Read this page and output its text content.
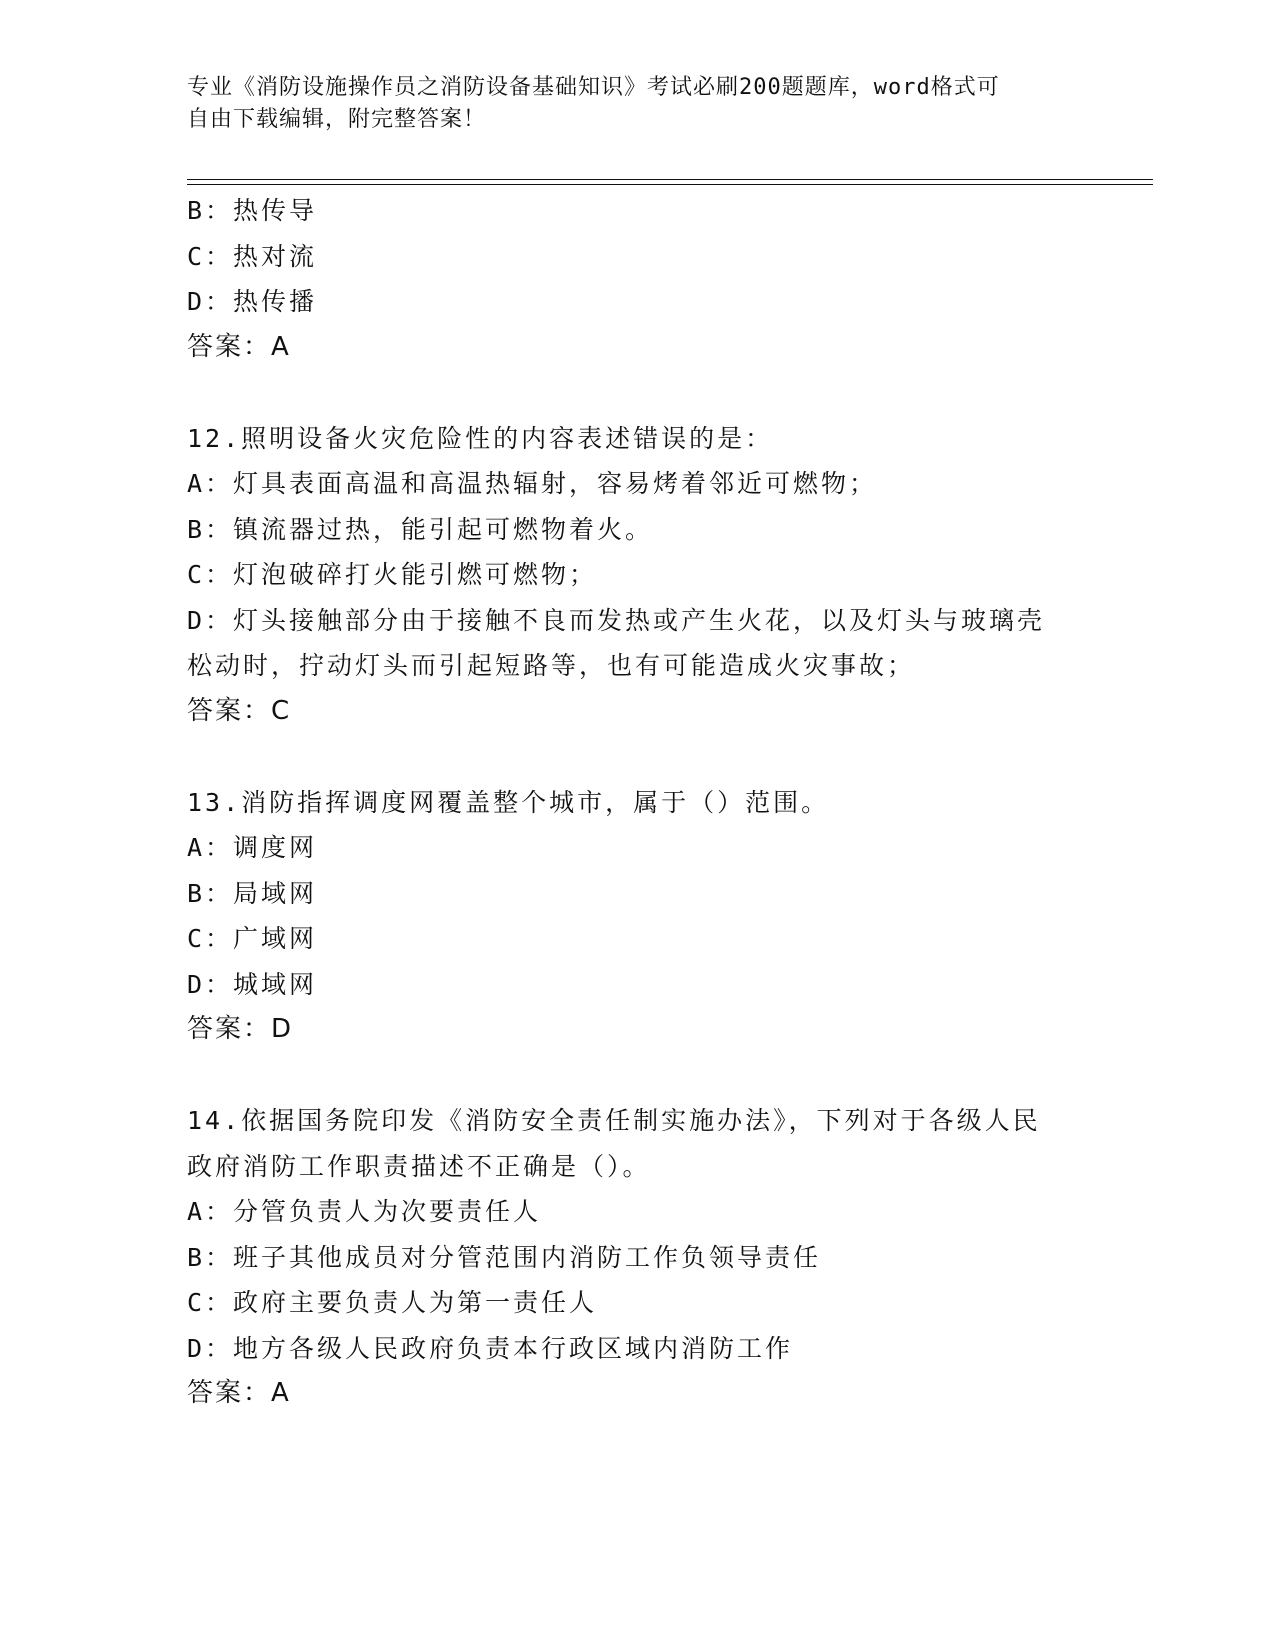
专业《消防设施操作员之消防设备基础知识》考试必刷200题题库，word格式可
自由下载编辑，附完整答案！
B：热传导
C：热对流
D：热传播
答案：A
12.照明设备火灾危险性的内容表述错误的是：
A：灯具表面高温和高温热辐射，容易烤着邻近可燃物；
B：镇流器过热，能引起可燃物着火。
C：灯泡破碎打火能引燃可燃物；
D：灯头接触部分由于接触不良而发热或产生火花，以及灯头与玻璃壳
松动时，拧动灯头而引起短路等，也有可能造成火灾事故；
答案：C
13.消防指挥调度网覆盖整个城市，属于（）范围。
A：调度网
B：局域网
C：广域网
D：城域网
答案：D
14.依据国务院印发《消防安全责任制实施办法》，下列对于各级人民
政府消防工作职责描述不正确是（）。
A：分管负责人为次要责任人
B：班子其他成员对分管范围内消防工作负领导责任
C：政府主要负责人为第一责任人
D：地方各级人民政府负责本行政区域内消防工作
答案：A
